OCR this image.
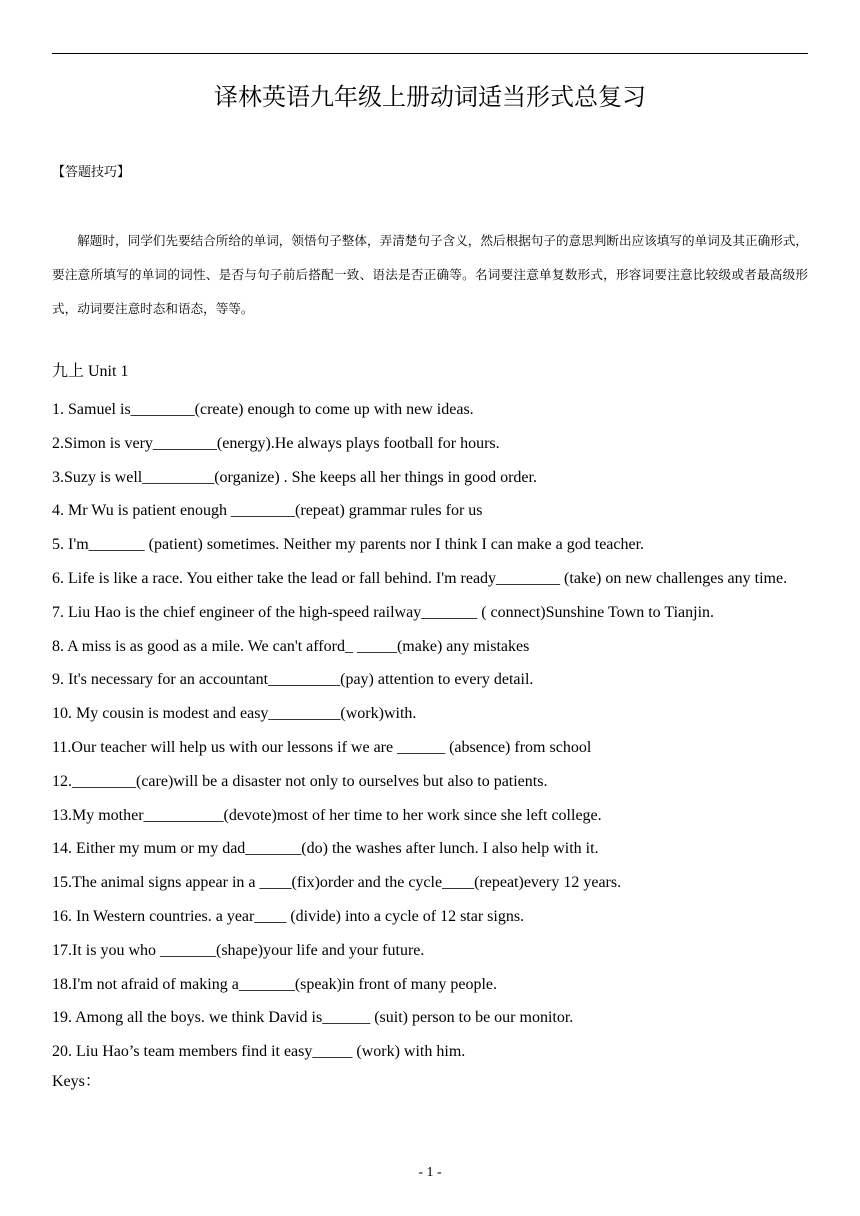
译林英语九年级上册动词适当形式总复习
【答题技巧】

解题时，同学们先要结合所给的单词，领悟句子整体，弄清楚句子含义，然后根据句子的意思判断出应该填写的单词及其正确形式，要注意所填写的单词的词性、是否与句子前后搭配一致、语法是否正确等。名词要注意单复数形式，形容词要注意比较级或者最高级形式，动词要注意时态和语态，等等。

九上 Unit 1
1. Samuel is________(create) enough to come up with new ideas.
2.Simon is very________(energy).He always plays football for hours.
3.Suzy is well_________(organize) . She keeps all her things in good order.
4. Mr Wu is patient enough ________(repeat) grammar rules for us
5. I'm_______ (patient) sometimes. Neither my parents nor I think I can make a god teacher.
6. Life is like a race. You either take the lead or fall behind. I'm ready________ (take) on new challenges any time.
7. Liu Hao is the chief engineer of the high-speed railway_______ ( connect)Sunshine Town to Tianjin.
8. A miss is as good as a mile. We can't afford_ _____(make) any mistakes
9. It's necessary for an accountant_________(pay) attention to every detail.
10. My cousin is modest and easy_________(work)with.
11.Our teacher will help us with our lessons if we are ______ (absence) from school
12.________(care)will be a disaster not only to ourselves but also to patients.
13.My mother__________(devote)most of her time to her work since she left college.
14. Either my mum or my dad_______(do) the washes after lunch. I also help with it.
15.The animal signs appear in a ____(fix)order and the cycle____(repeat)every 12 years.
16. In Western countries. a year____ (divide) into a cycle of 12 star signs.
17.It is you who _______(shape)your life and your future.
18.I'm not afraid of making a_______(speak)in front of many people.
19. Among all the boys. we think David is______ (suit) person to be our monitor.
20. Liu Hao’s team members find it easy_____ (work) with him.
Keys：
- 1 -
